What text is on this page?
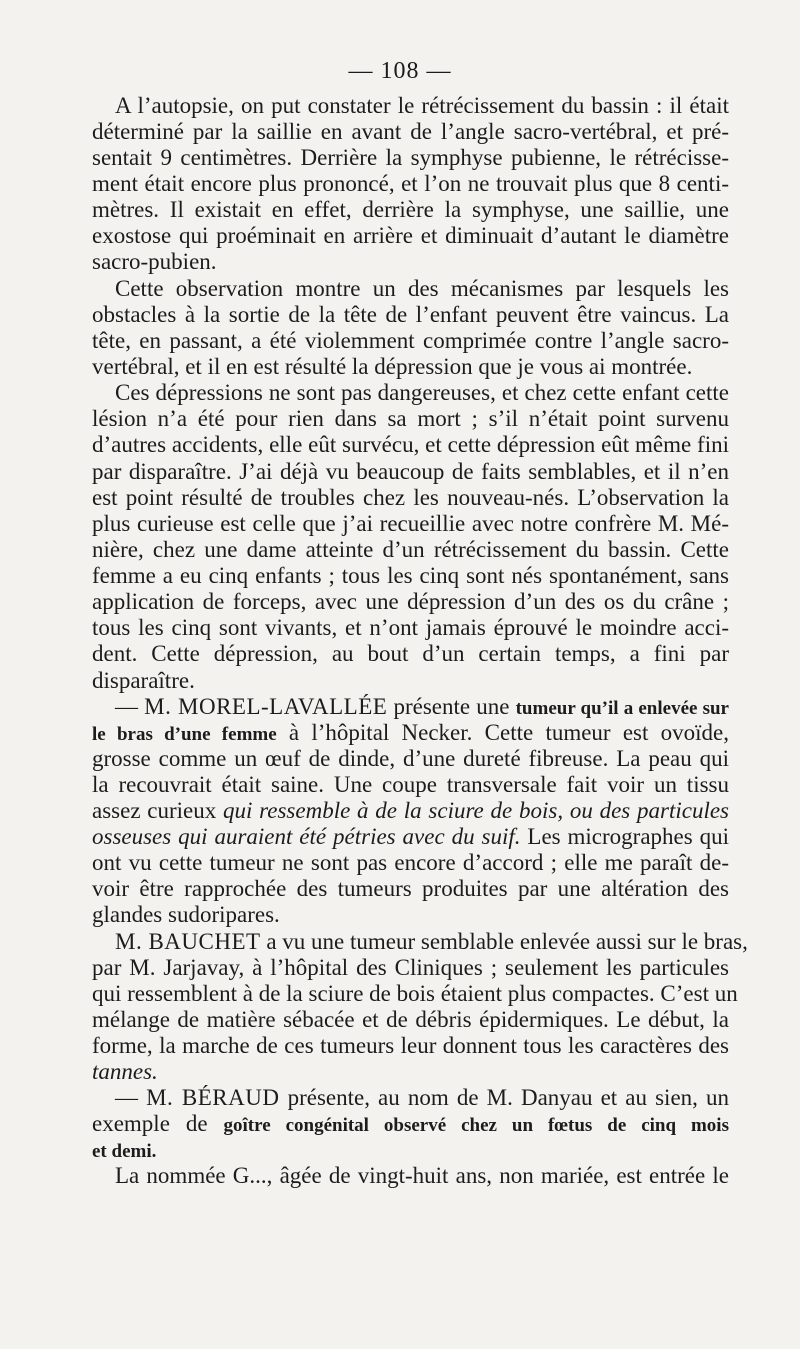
— 108 —
A l’autopsie, on put constater le rétrécissement du bassin : il était
déterminé par la saillie en avant de l’angle sacro-vertébral, et pré-
sentait 9 centimètres. Derrière la symphyse pubienne, le rétrécisse-
ment était encore plus prononcé, et l’on ne trouvait plus que 8 centi-
mètres. Il existait en effet, derrière la symphyse, une saillie, une
exostose qui proéminait en arrière et diminuait d’autant le diamètre
sacro-pubien.
Cette observation montre un des mécanismes par lesquels les
obstacles à la sortie de la tête de l’enfant peuvent être vaincus. La
tête, en passant, a été violemment comprimée contre l’angle sacro-
vertébral, et il en est résulté la dépression que je vous ai montrée.
Ces dépressions ne sont pas dangereuses, et chez cette enfant cette
lésion n’a été pour rien dans sa mort ; s’il n’était point survenu
d’autres accidents, elle eût survécu, et cette dépression eût même fini
par disparaître. J’ai déjà vu beaucoup de faits semblables, et il n’en
est point résulté de troubles chez les nouveau-nés. L’observation la
plus curieuse est celle que j’ai recueillie avec notre confrère M. Mé-
nière, chez une dame atteinte d’un rétrécissement du bassin. Cette
femme a eu cinq enfants ; tous les cinq sont nés spontanément, sans
application de forceps, avec une dépression d’un des os du crâne ;
tous les cinq sont vivants, et n’ont jamais éprouvé le moindre acci-
dent. Cette dépression, au bout d’un certain temps, a fini par
disparaître.
— M. MOREL-LAVALLÉE présente une tumeur qu’il a enlevée sur
le bras d’une femme à l’hôpital Necker. Cette tumeur est ovoïde,
grosse comme un œuf de dinde, d’une dureté fibreuse. La peau qui
la recouvrait était saine. Une coupe transversale fait voir un tissu
assez curieux qui ressemble à de la sciure de bois, ou des particules
osseuses qui auraient été pétries avec du suif. Les micrographes qui
ont vu cette tumeur ne sont pas encore d’accord ; elle me paraît de-
voir être rapprochée des tumeurs produites par une altération des
glandes sudoripares.
M. BAUCHET a vu une tumeur semblable enlevée aussi sur le bras,
par M. Jarjavay, à l’hôpital des Cliniques ; seulement les particules
qui ressemblent à de la sciure de bois étaient plus compactes. C’est un
mélange de matière sébacée et de débris épidermiques. Le début, la
forme, la marche de ces tumeurs leur donnent tous les caractères des
tannes.
— M. BÉRAUD présente, au nom de M. Danyau et au sien, un
exemple de goître congénital observé chez un fœtus de cinq mois
et demi.
La nommée G..., âgée de vingt-huit ans, non mariée, est entrée le
